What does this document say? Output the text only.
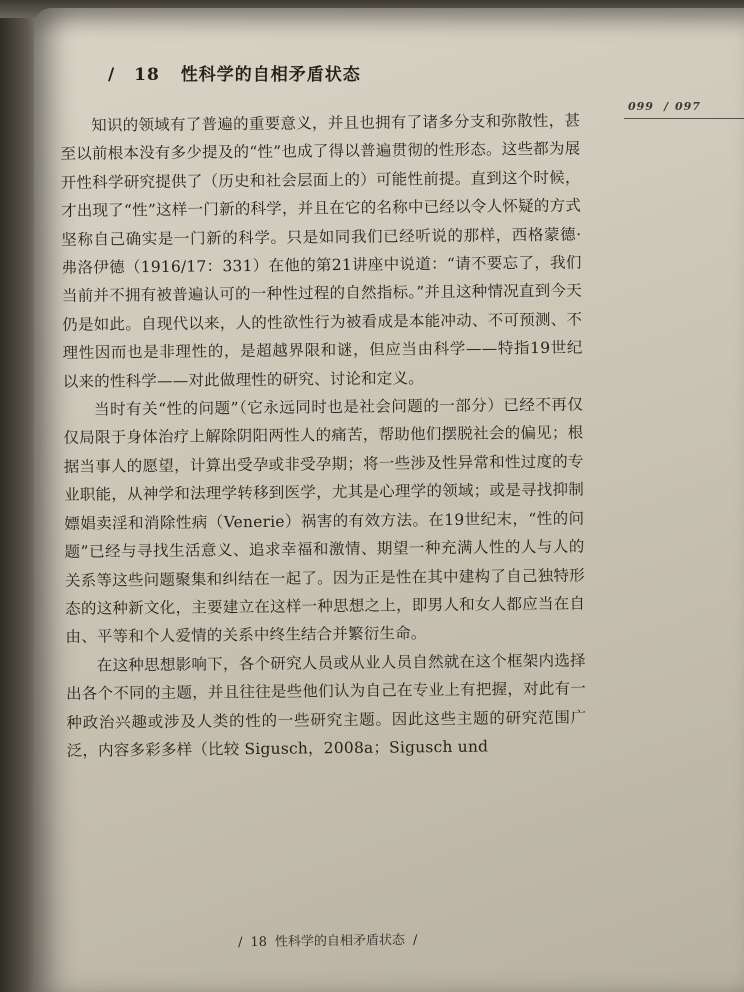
/ 18 性科学的自相矛盾状态
099 / 097

知识的领域有了普遍的重要意义，并且也拥有了诸多分支和弥散性，甚至以前根本没有多少提及的“性”也成了得以普遍贯彻的性形态。这些都为展开性科学研究提供了（历史和社会层面上的）可能性前提。直到这个时候，才出现了“性”这样一门新的科学，并且在它的名称中已经以令人怀疑的方式坚称自己确实是一门新的科学。只是如同我们已经听说的那样，西格蒙德·弗洛伊德（1916/17：331）在他的第21讲座中说道：“请不要忘了，我们当前并不拥有被普遍认可的一种性过程的自然指标。”并且这种情况直到今天仍是如此。自现代以来，人的性欲性行为被看成是本能冲动、不可预测、不理性因而也是非理性的，是超越界限和谜，但应当由科学——特指19世纪以来的性科学——对此做理性的研究、讨论和定义。

当时有关“性的问题”（它永远同时也是社会问题的一部分）已经不再仅仅局限于身体治疗上解除阴阳两性人的痛苦，帮助他们摆脱社会的偏见；根据当事人的愿望，计算出受孕或非受孕期；将一些涉及性异常和性过度的专业职能，从神学和法理学转移到医学，尤其是心理学的领域；或是寻找抑制嫖娼卖淫和消除性病（Venerie）祸害的有效方法。在19世纪末，“性的问题”已经与寻找生活意义、追求幸福和激情、期望一种充满人性的人与人的关系等这些问题聚集和纠结在一起了。因为正是性在其中建构了自己独特形态的这种新文化，主要建立在这样一种思想之上，即男人和女人都应当在自由、平等和个人爱情的关系中终生结合并繁衍生命。

在这种思想影响下，各个研究人员或从业人员自然就在这个框架内选择出各个不同的主题，并且往往是些他们认为自己在专业上有把握，对此有一种政治兴趣或涉及人类的性的一些研究主题。因此这些主题的研究范围广泛，内容多彩多样（比较 Sigusch，2008a；Sigusch und

/ 18 性科学的自相矛盾状态 /
